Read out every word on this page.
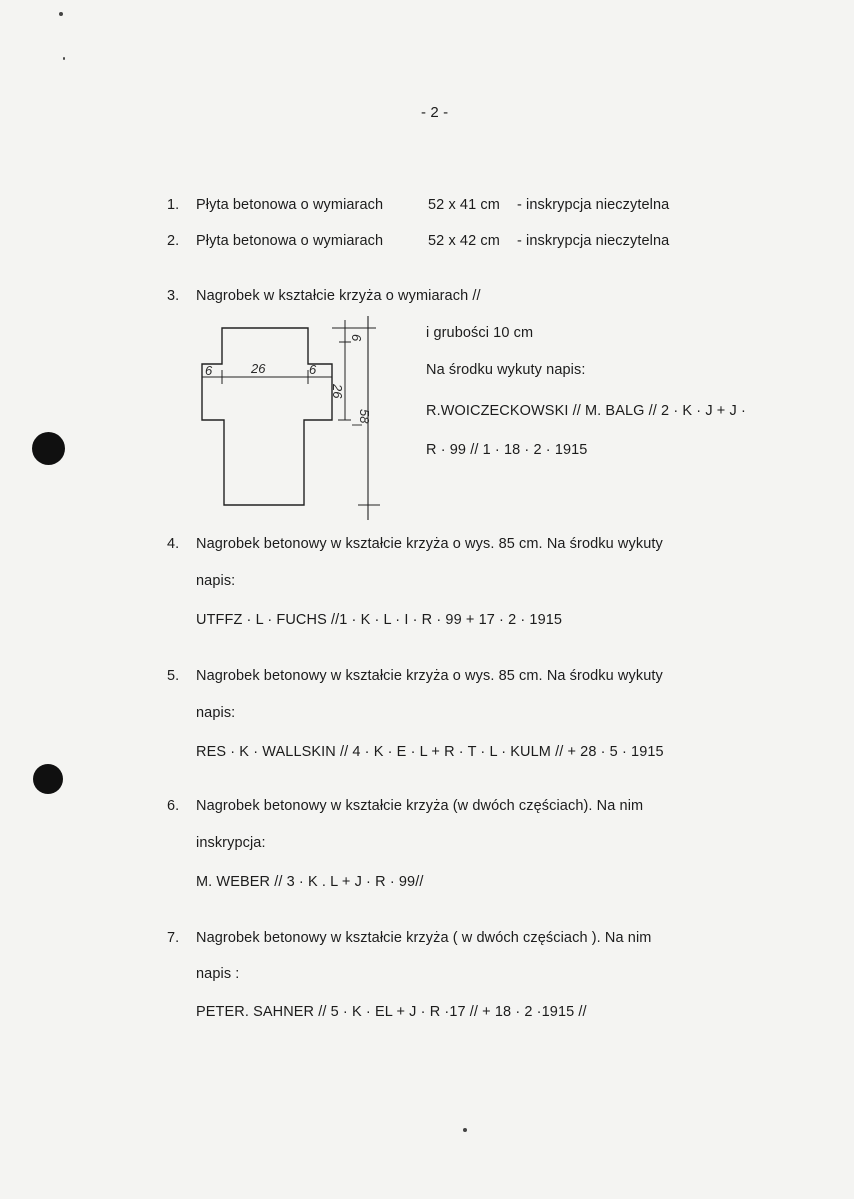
- 2 -
1. Płyta betonowa o wymiarach	52 x 41 cm - inskrypcja nieczytelna
2. Płyta betonowa o wymiarach	52 x 42 cm - inskrypcja nieczytelna
3. Nagrobek w kształcie krzyża o wymiarach //
i grubości 10 cm
Na środku wykuty napis:
R.WOICZECKOWSKI // M. BALG // 2 · K · J + J ·
R · 99 // 1 · 18 · 2 · 1915
6	26	6
6
26
58
4. Nagrobek betonowy w kształcie krzyża o wys. 85 cm. Na środku wykuty
napis:
UTFFZ · L · FUCHS //1 · K · L · I · R · 99 + 17 · 2 · 1915
5. Nagrobek betonowy w kształcie krzyża o wys. 85 cm. Na środku wykuty
napis:
RES · K · WALLSKIN // 4 · K · E · L + R · T · L · KULM // + 28 · 5 · 1915
6. Nagrobek betonowy w kształcie krzyża (w dwóch częściach). Na nim
inskrypcja:
M. WEBER // 3 · K . L + J · R · 99//
7. Nagrobek betonowy w kształcie krzyża ( w dwóch częściach ). Na nim
napis :
PETER. SAHNER // 5 · K · EL + J · R ·17 // + 18 · 2 ·1915 //
